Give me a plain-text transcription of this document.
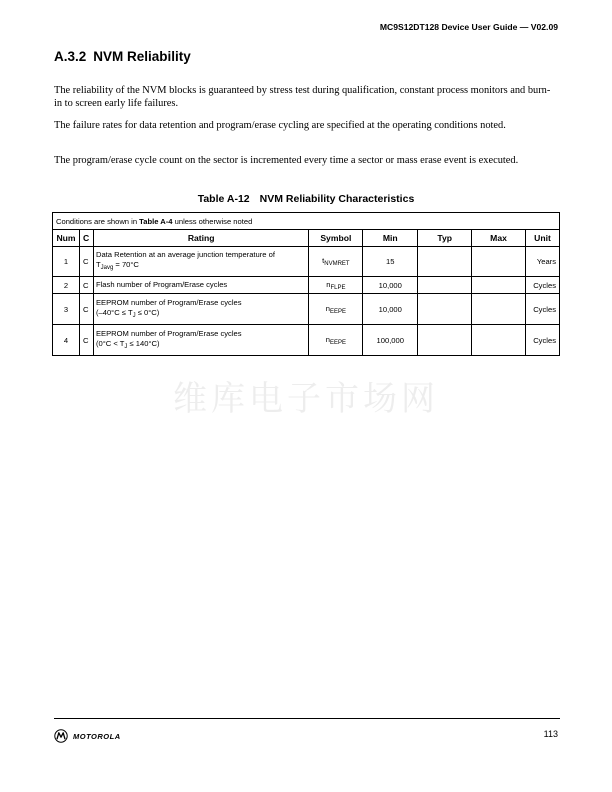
MC9S12DT128 Device User Guide — V02.09
A.3.2 NVM Reliability

The reliability of the NVM blocks is guaranteed by stress test during qualification, constant process monitors and burn-in to screen early life failures.

The failure rates for data retention and program/erase cycling are specified at the operating conditions noted.

The program/erase cycle count on the sector is incremented every time a sector or mass erase event is executed.

Table A-12 NVM Reliability Characteristics
Conditions are shown in Table A-4 unless otherwise noted							
Num	C	Rating	Symbol	Min	Typ	Max	Unit
1	C	Data Retention at an average junction temperature of
$T_{Javg} = 70^\circ C$	$t_{NVMRET}$	15			Years
2	C	Flash number of Program/Erase cycles	$n_{FLPE}$	10,000			Cycles
3	C	EEPROM number of Program/Erase cycles
$(-40^\circ C \le T_J \le 0^\circ C)$	$n_{EEPE}$	10,000			Cycles
4	C	EEPROM number of Program/Erase cycles
$(0^\circ C < T_J \le 140^\circ C)$	$n_{EEPE}$	100,000			Cycles
维库电子市场网
MOTOROLA	113
